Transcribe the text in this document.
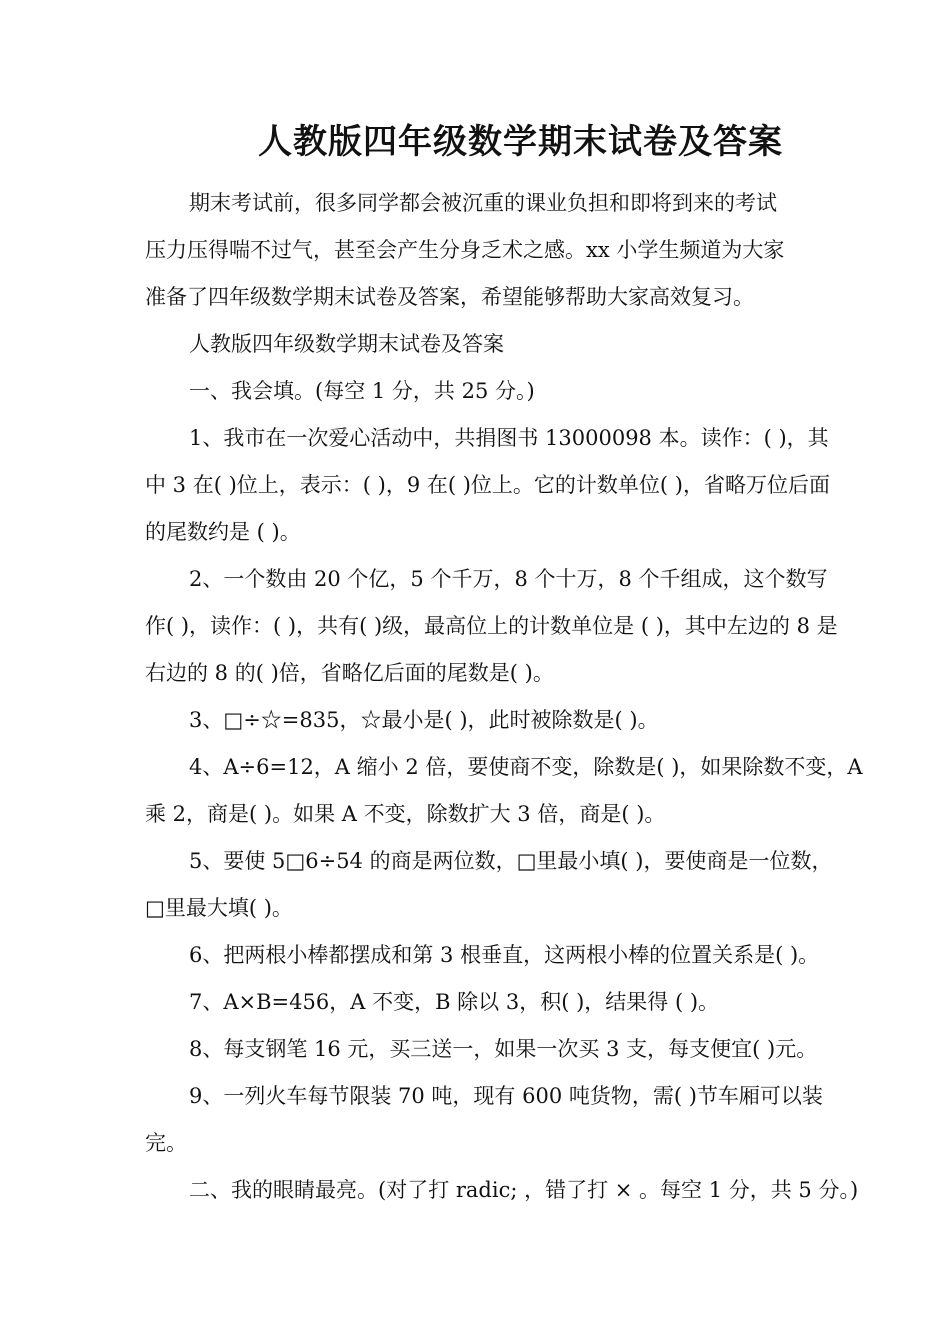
人教版四年级数学期末试卷及答案
期末考试前，很多同学都会被沉重的课业负担和即将到来的考试
压力压得喘不过气，甚至会产生分身乏术之感。xx 小学生频道为大家
准备了四年级数学期末试卷及答案，希望能够帮助大家高效复习。
人教版四年级数学期末试卷及答案
一、我会填。(每空 1 分，共 25 分。)
1、我市在一次爱心活动中，共捐图书 13000098 本。读作：( )，其
中 3 在( )位上，表示：( )，9 在( )位上。它的计数单位( )，省略万位后面
的尾数约是 ( )。
2、一个数由 20 个亿，5 个千万，8 个十万，8 个千组成，这个数写
作( )，读作：( )，共有( )级，最高位上的计数单位是 ( )，其中左边的 8 是
右边的 8 的( )倍，省略亿后面的尾数是( )。
3、□÷☆=835，☆最小是( )，此时被除数是( )。
4、A÷6=12，A 缩小 2 倍，要使商不变，除数是( )，如果除数不变，A
乘 2，商是( )。如果 A 不变，除数扩大 3 倍，商是( )。
5、要使 5□6÷54 的商是两位数，□里最小填( )，要使商是一位数，
□里最大填( )。
6、把两根小棒都摆成和第 3 根垂直，这两根小棒的位置关系是( )。
7、A×B=456，A 不变，B 除以 3，积( )，结果得 ( )。
8、每支钢笔 16 元，买三送一，如果一次买 3 支，每支便宜( )元。
9、一列火车每节限装 70 吨，现有 600 吨货物，需( )节车厢可以装
完。
二、我的眼睛最亮。(对了打 radic; ，错了打 × 。每空 1 分，共 5 分。)
